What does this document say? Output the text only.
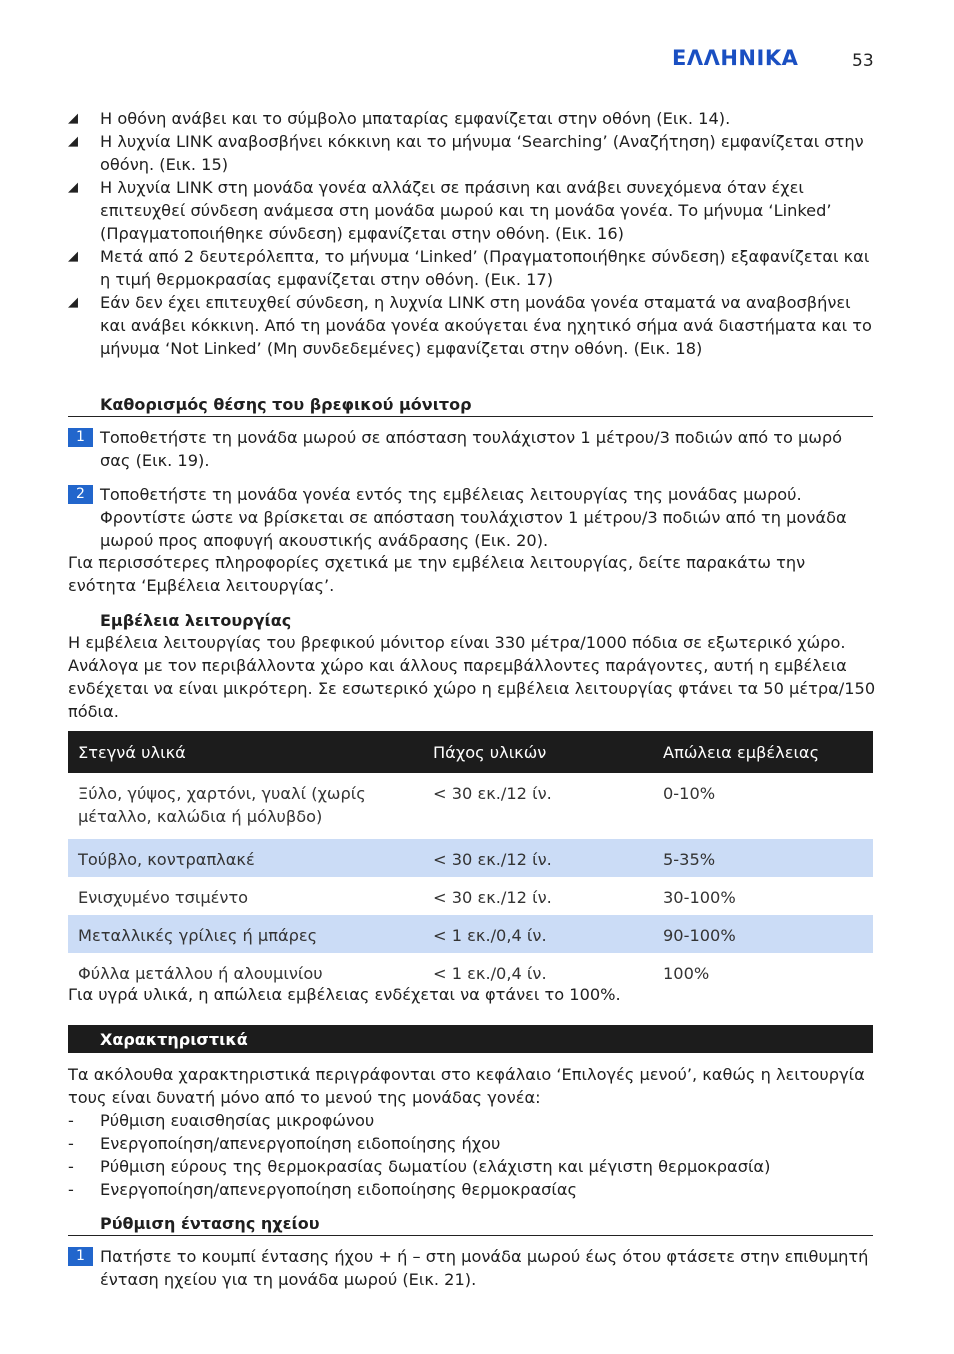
ΕΛΛΗΝΙΚΑ	53
◢ Η οθόνη ανάβει και το σύμβολο μπαταρίας εμφανίζεται στην οθόνη (Εικ. 14).
◢ Η λυχνία LINK αναβοσβήνει κόκκινη και το μήνυμα ‘Searching’ (Αναζήτηση) εμφανίζεται στην οθόνη. (Εικ. 15)
◢ Η λυχνία LINK στη μονάδα γονέα αλλάζει σε πράσινη και ανάβει συνεχόμενα όταν έχει επιτευχθεί σύνδεση ανάμεσα στη μονάδα μωρού και τη μονάδα γονέα. Το μήνυμα ‘Linked’ (Πραγματοποιήθηκε σύνδεση) εμφανίζεται στην οθόνη. (Εικ. 16)
◢ Μετά από 2 δευτερόλεπτα, το μήνυμα ‘Linked’ (Πραγματοποιήθηκε σύνδεση) εξαφανίζεται και η τιμή θερμοκρασίας εμφανίζεται στην οθόνη. (Εικ. 17)
◢ Εάν δεν έχει επιτευχθεί σύνδεση, η λυχνία LINK στη μονάδα γονέα σταματά να αναβοσβήνει και ανάβει κόκκινη. Από τη μονάδα γονέα ακούγεται ένα ηχητικό σήμα ανά διαστήματα και το μήνυμα ‘Not Linked’ (Μη συνδεδεμένες) εμφανίζεται στην οθόνη. (Εικ. 18)
Καθορισμός θέσης του βρεφικού μόνιτορ
1 Τοποθετήστε τη μονάδα μωρού σε απόσταση τουλάχιστον 1 μέτρου/3 ποδιών από το μωρό σας (Εικ. 19).
2 Τοποθετήστε τη μονάδα γονέα εντός της εμβέλειας λειτουργίας της μονάδας μωρού. Φροντίστε ώστε να βρίσκεται σε απόσταση τουλάχιστον 1 μέτρου/3 ποδιών από τη μονάδα μωρού προς αποφυγή ακουστικής ανάδρασης (Εικ. 20).
Για περισσότερες πληροφορίες σχετικά με την εμβέλεια λειτουργίας, δείτε παρακάτω την ενότητα ‘Εμβέλεια λειτουργίας’.
Εμβέλεια λειτουργίας
Η εμβέλεια λειτουργίας του βρεφικού μόνιτορ είναι 330 μέτρα/1000 πόδια σε εξωτερικό χώρο. Ανάλογα με τον περιβάλλοντα χώρο και άλλους παρεμβάλλοντες παράγοντες, αυτή η εμβέλεια ενδέχεται να είναι μικρότερη. Σε εσωτερικό χώρο η εμβέλεια λειτουργίας φτάνει τα 50 μέτρα/150 πόδια.
Στεγνά υλικά	Πάχος υλικών	Απώλεια εμβέλειας
Ξύλο, γύψος, χαρτόνι, γυαλί (χωρίς μέταλλο, καλώδια ή μόλυβδο)	< 30 εκ./12 ίν.	0-10%
Τούβλο, κοντραπλακέ	< 30 εκ./12 ίν.	5-35%
Ενισχυμένο τσιμέντο	< 30 εκ./12 ίν.	30-100%
Μεταλλικές γρίλιες ή μπάρες	< 1 εκ./0,4 ίν.	90-100%
Φύλλα μετάλλου ή αλουμινίου	< 1 εκ./0,4 ίν.	100%
Για υγρά υλικά, η απώλεια εμβέλειας ενδέχεται να φτάνει το 100%.
Χαρακτηριστικά
Τα ακόλουθα χαρακτηριστικά περιγράφονται στο κεφάλαιο ‘Επιλογές μενού’, καθώς η λειτουργία τους είναι δυνατή μόνο από το μενού της μονάδας γονέα:
- Ρύθμιση ευαισθησίας μικροφώνου
- Ενεργοποίηση/απενεργοποίηση ειδοποίησης ήχου
- Ρύθμιση εύρους της θερμοκρασίας δωματίου (ελάχιστη και μέγιστη θερμοκρασία)
- Ενεργοποίηση/απενεργοποίηση ειδοποίησης θερμοκρασίας
Ρύθμιση έντασης ηχείου
1 Πατήστε το κουμπί έντασης ήχου + ή – στη μονάδα μωρού έως ότου φτάσετε στην επιθυμητή ένταση ηχείου για τη μονάδα μωρού (Εικ. 21).
